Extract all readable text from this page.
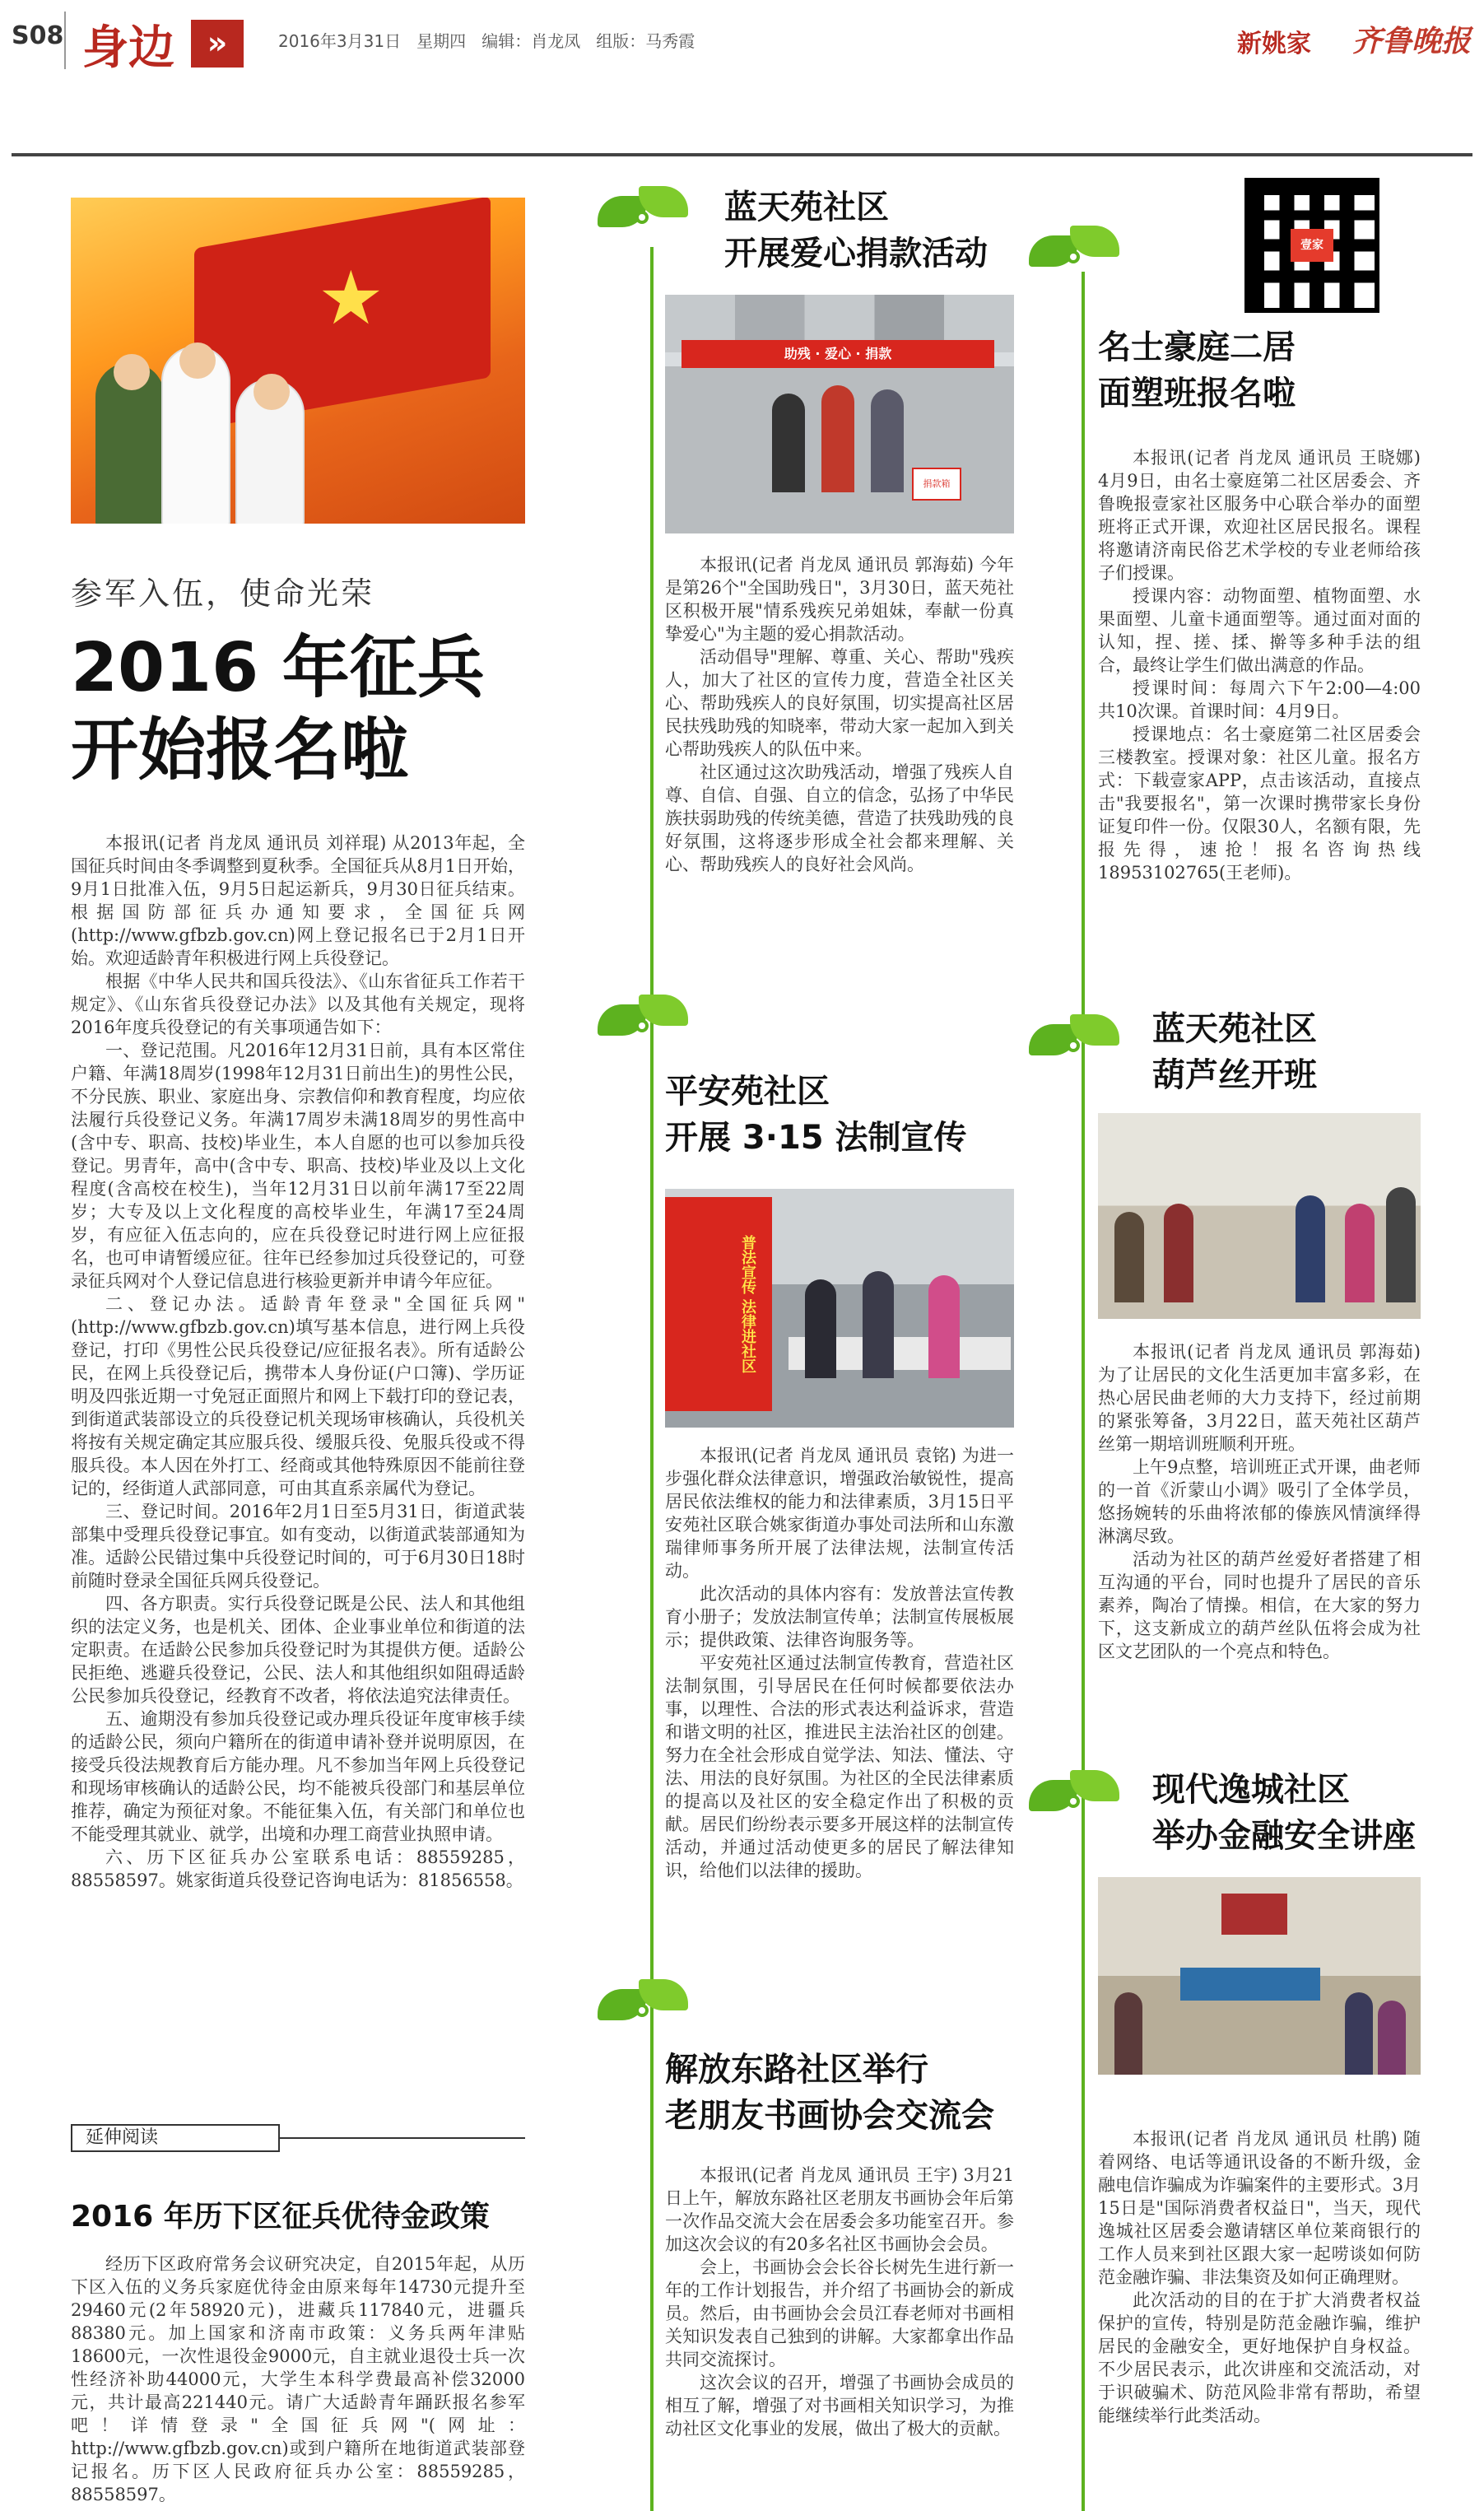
S08 身边	»	2016年3月31日   星期四   编辑：肖龙凤   组版：马秀霞	新姚家 齐鲁晚报
★
参军入伍，使命光荣
2016 年征兵
开始报名啦

本报讯(记者 肖龙凤 通讯员 刘祥琨) 从2013年起，全国征兵时间由冬季调整到夏秋季。全国征兵从8月1日开始，9月1日批准入伍，9月5日起运新兵，9月30日征兵结束。根据国防部征兵办通知要求，全国征兵网(http://www.gfbzb.gov.cn)网上登记报名已于2月1日开始。欢迎适龄青年积极进行网上兵役登记。

根据《中华人民共和国兵役法》、《山东省征兵工作若干规定》、《山东省兵役登记办法》以及其他有关规定，现将2016年度兵役登记的有关事项通告如下：

一、登记范围。凡2016年12月31日前，具有本区常住户籍、年满18周岁(1998年12月31日前出生)的男性公民，不分民族、职业、家庭出身、宗教信仰和教育程度，均应依法履行兵役登记义务。年满17周岁未满18周岁的男性高中(含中专、职高、技校)毕业生，本人自愿的也可以参加兵役登记。男青年，高中(含中专、职高、技校)毕业及以上文化程度(含高校在校生)，当年12月31日以前年满17至22周岁；大专及以上文化程度的高校毕业生，年满17至24周岁，有应征入伍志向的，应在兵役登记时进行网上应征报名，也可申请暂缓应征。往年已经参加过兵役登记的，可登录征兵网对个人登记信息进行核验更新并申请今年应征。

二、登记办法。适龄青年登录"全国征兵网"(http://www.gfbzb.gov.cn)填写基本信息，进行网上兵役登记，打印《男性公民兵役登记/应征报名表》。所有适龄公民，在网上兵役登记后，携带本人身份证(户口簿)、学历证明及四张近期一寸免冠正面照片和网上下载打印的登记表，到街道武装部设立的兵役登记机关现场审核确认，兵役机关将按有关规定确定其应服兵役、缓服兵役、免服兵役或不得服兵役。本人因在外打工、经商或其他特殊原因不能前往登记的，经街道人武部同意，可由其直系亲属代为登记。

三、登记时间。2016年2月1日至5月31日，街道武装部集中受理兵役登记事宜。如有变动，以街道武装部通知为准。适龄公民错过集中兵役登记时间的，可于6月30日18时前随时登录全国征兵网兵役登记。

四、各方职责。实行兵役登记既是公民、法人和其他组织的法定义务，也是机关、团体、企业事业单位和街道的法定职责。在适龄公民参加兵役登记时为其提供方便。适龄公民拒绝、逃避兵役登记，公民、法人和其他组织如阻碍适龄公民参加兵役登记，经教育不改者，将依法追究法律责任。

五、逾期没有参加兵役登记或办理兵役证年度审核手续的适龄公民，须向户籍所在的街道申请补登并说明原因，在接受兵役法规教育后方能办理。凡不参加当年网上兵役登记和现场审核确认的适龄公民，均不能被兵役部门和基层单位推荐，确定为预征对象。不能征集入伍，有关部门和单位也不能受理其就业、就学，出境和办理工商营业执照申请。

六、历下区征兵办公室联系电话：88559285，88558597。姚家街道兵役登记咨询电话为：81856558。

延伸阅读
2016 年历下区征兵优待金政策

经历下区政府常务会议研究决定，自2015年起，从历下区入伍的义务兵家庭优待金由原来每年14730元提升至29460元(2年58920元)，进藏兵117840元，进疆兵88380元。加上国家和济南市政策：义务兵两年津贴18600元，一次性退役金9000元，自主就业退役士兵一次性经济补助44000元，大学生本科学费最高补偿32000元，共计最高221440元。请广大适龄青年踊跃报名参军吧！详情登录"全国征兵网"(网址：http://www.gfbzb.gov.cn)或到户籍所在地街道武装部登记报名。历下区人民政府征兵办公室：88559285，88558597。

蓝天苑社区
开展爱心捐款活动
助残 · 爱心 · 捐款
捐款箱

本报讯(记者 肖龙凤 通讯员 郭海茹) 今年是第26个"全国助残日"，3月30日，蓝天苑社区积极开展"情系残疾兄弟姐妹，奉献一份真挚爱心"为主题的爱心捐款活动。

活动倡导"理解、尊重、关心、帮助"残疾人，加大了社区的宣传力度，营造全社区关心、帮助残疾人的良好氛围，切实提高社区居民扶残助残的知晓率，带动大家一起加入到关心帮助残疾人的队伍中来。

社区通过这次助残活动，增强了残疾人自尊、自信、自强、自立的信念，弘扬了中华民族扶弱助残的传统美德，营造了扶残助残的良好氛围，这将逐步形成全社会都来理解、关心、帮助残疾人的良好社会风尚。

平安苑社区
开展 3·15 法制宣传
普法宣传 法律进社区

本报讯(记者 肖龙凤 通讯员 袁铭) 为进一步强化群众法律意识，增强政治敏锐性，提高居民依法维权的能力和法律素质，3月15日平安苑社区联合姚家街道办事处司法所和山东激瑞律师事务所开展了法律法规，法制宣传活动。

此次活动的具体内容有：发放普法宣传教育小册子；发放法制宣传单；法制宣传展板展示；提供政策、法律咨询服务等。

平安苑社区通过法制宣传教育，营造社区法制氛围，引导居民在任何时候都要依法办事，以理性、合法的形式表达利益诉求，营造和谐文明的社区，推进民主法治社区的创建。努力在全社会形成自觉学法、知法、懂法、守法、用法的良好氛围。为社区的全民法律素质的提高以及社区的安全稳定作出了积极的贡献。居民们纷纷表示要多开展这样的法制宣传活动，并通过活动使更多的居民了解法律知识，给他们以法律的援助。

解放东路社区举行
老朋友书画协会交流会

本报讯(记者 肖龙凤 通讯员 王宇) 3月21日上午，解放东路社区老朋友书画协会年后第一次作品交流大会在居委会多功能室召开。参加这次会议的有20多名社区书画协会会员。

会上，书画协会会长谷长树先生进行新一年的工作计划报告，并介绍了书画协会的新成员。然后，由书画协会会员江春老师对书画相关知识发表自己独到的讲解。大家都拿出作品共同交流探讨。

这次会议的召开，增强了书画协会成员的相互了解，增强了对书画相关知识学习，为推动社区文化事业的发展，做出了极大的贡献。

壹家
名士豪庭二居
面塑班报名啦

本报讯(记者 肖龙凤 通讯员 王晓娜) 4月9日，由名士豪庭第二社区居委会、齐鲁晚报壹家社区服务中心联合举办的面塑班将正式开课，欢迎社区居民报名。课程将邀请济南民俗艺术学校的专业老师给孩子们授课。

授课内容：动物面塑、植物面塑、水果面塑、儿童卡通面塑等。通过面对面的认知，捏、搓、揉、擀等多种手法的组合，最终让学生们做出满意的作品。

授课时间：每周六下午2:00—4:00 共10次课。首课时间：4月9日。

授课地点：名士豪庭第二社区居委会三楼教室。授课对象：社区儿童。报名方式：下载壹家APP，点击该活动，直接点击"我要报名"，第一次课时携带家长身份证复印件一份。仅限30人，名额有限，先报先得，速抢！报名咨询热线18953102765(王老师)。

蓝天苑社区
葫芦丝开班

本报讯(记者 肖龙凤 通讯员 郭海茹) 为了让居民的文化生活更加丰富多彩，在热心居民曲老师的大力支持下，经过前期的紧张筹备，3月22日，蓝天苑社区葫芦丝第一期培训班顺利开班。

上午9点整，培训班正式开课，曲老师的一首《沂蒙山小调》吸引了全体学员，悠扬婉转的乐曲将浓郁的傣族风情演绎得淋漓尽致。

活动为社区的葫芦丝爱好者搭建了相互沟通的平台，同时也提升了居民的音乐素养，陶冶了情操。相信，在大家的努力下，这支新成立的葫芦丝队伍将会成为社区文艺团队的一个亮点和特色。

现代逸城社区
举办金融安全讲座

本报讯(记者 肖龙凤 通讯员 杜鹃) 随着网络、电话等通讯设备的不断升级，金融电信诈骗成为诈骗案件的主要形式。3月15日是"国际消费者权益日"，当天，现代逸城社区居委会邀请辖区单位莱商银行的工作人员来到社区跟大家一起唠谈如何防范金融诈骗、非法集资及如何正确理财。

此次活动的目的在于扩大消费者权益保护的宣传，特别是防范金融诈骗，维护居民的金融安全，更好地保护自身权益。不少居民表示，此次讲座和交流活动，对于识破骗术、防范风险非常有帮助，希望能继续举行此类活动。
